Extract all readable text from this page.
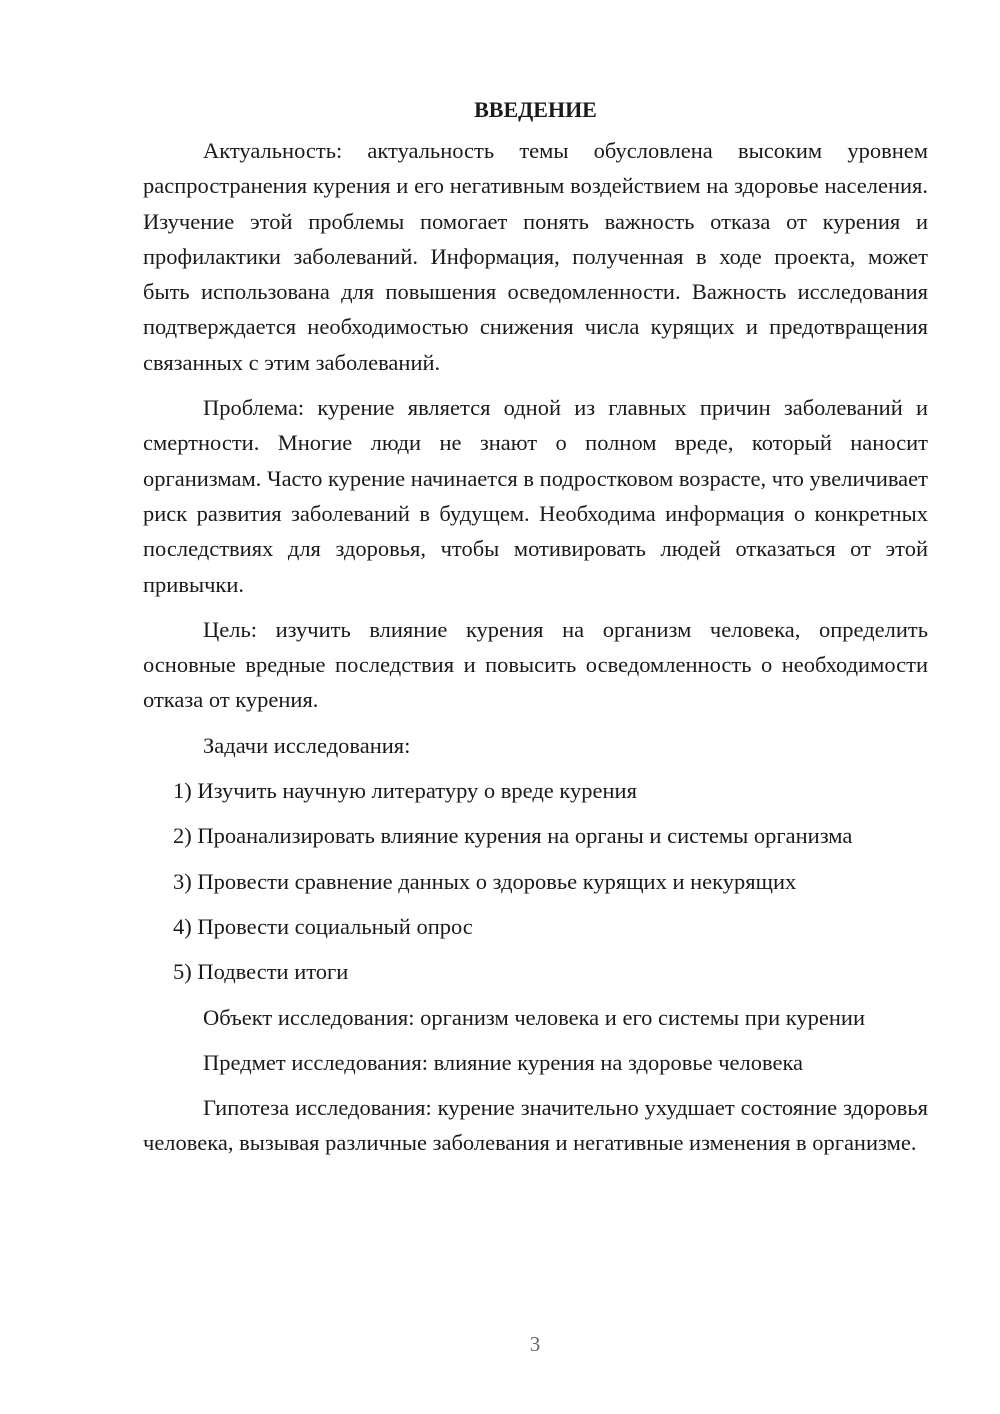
ВВЕДЕНИЕ

Актуальность: актуальность темы обусловлена высоким уровнем распространения курения и его негативным воздействием на здоровье населения. Изучение этой проблемы помогает понять важность отказа от курения и профилактики заболеваний. Информация, полученная в ходе проекта, может быть использована для повышения осведомленности. Важность исследования подтверждается необходимостью снижения числа курящих и предотвращения связанных с этим заболеваний.

Проблема: курение является одной из главных причин заболеваний и смертности. Многие люди не знают о полном вреде, который наносит организмам. Часто курение начинается в подростковом возрасте, что увеличивает риск развития заболеваний в будущем. Необходима информация о конкретных последствиях для здоровья, чтобы мотивировать людей отказаться от этой привычки.

Цель: изучить влияние курения на организм человека, определить основные вредные последствия и повысить осведомленность о необходимости отказа от курения.

Задачи исследования:

1) Изучить научную литературу о вреде курения

2) Проанализировать влияние курения на органы и системы организма

3) Провести сравнение данных о здоровье курящих и некурящих

4) Провести социальный опрос

5) Подвести итоги

Объект исследования: организм человека и его системы при курении

Предмет исследования: влияние курения на здоровье человека

Гипотеза исследования: курение значительно ухудшает состояние здоровья человека, вызывая различные заболевания и негативные изменения в организме.

3
